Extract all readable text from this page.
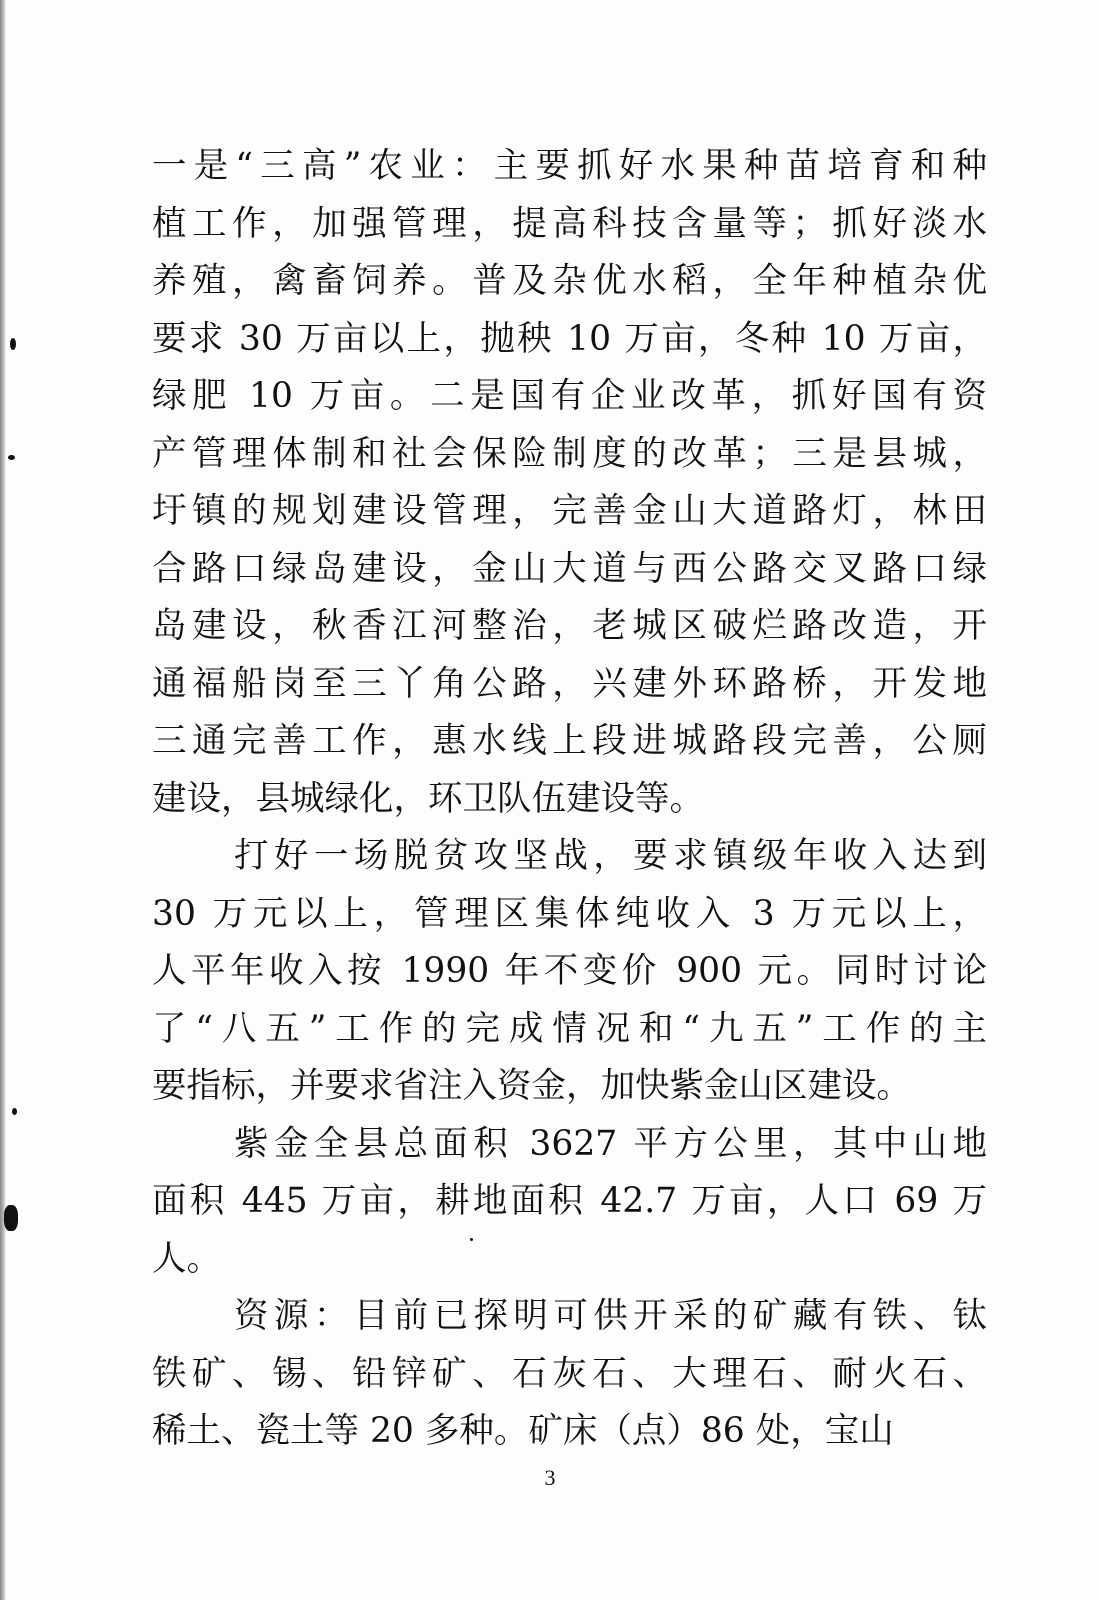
一是“三高”农业：主要抓好水果种苗培育和种
植工作，加强管理，提高科技含量等；抓好淡水
养殖，禽畜饲养。普及杂优水稻，全年种植杂优
要求 30 万亩以上，抛秧 10 万亩，冬种 10 万亩，
绿肥 10 万亩。二是国有企业改革，抓好国有资
产管理体制和社会保险制度的改革；三是县城，
圩镇的规划建设管理，完善金山大道路灯，林田
合路口绿岛建设，金山大道与西公路交叉路口绿
岛建设，秋香江河整治，老城区破烂路改造，开
通福船岗至三丫角公路，兴建外环路桥，开发地
三通完善工作，惠水线上段进城路段完善，公厕
建设，县城绿化，环卫队伍建设等。
打好一场脱贫攻坚战，要求镇级年收入达到
30 万元以上，管理区集体纯收入 3 万元以上，
人平年收入按 1990 年不变价 900 元。同时讨论
了“八五”工作的完成情况和“九五”工作的主
要指标，并要求省注入资金，加快紫金山区建设。
紫金全县总面积 3627 平方公里，其中山地
面积 445 万亩，耕地面积 42.7 万亩，人口 69 万
人。
资源：目前已探明可供开采的矿藏有铁、钛
铁矿、锡、铅锌矿、石灰石、大理石、耐火石、
稀土、瓷土等 20 多种。矿床（点）86 处，宝山
3
